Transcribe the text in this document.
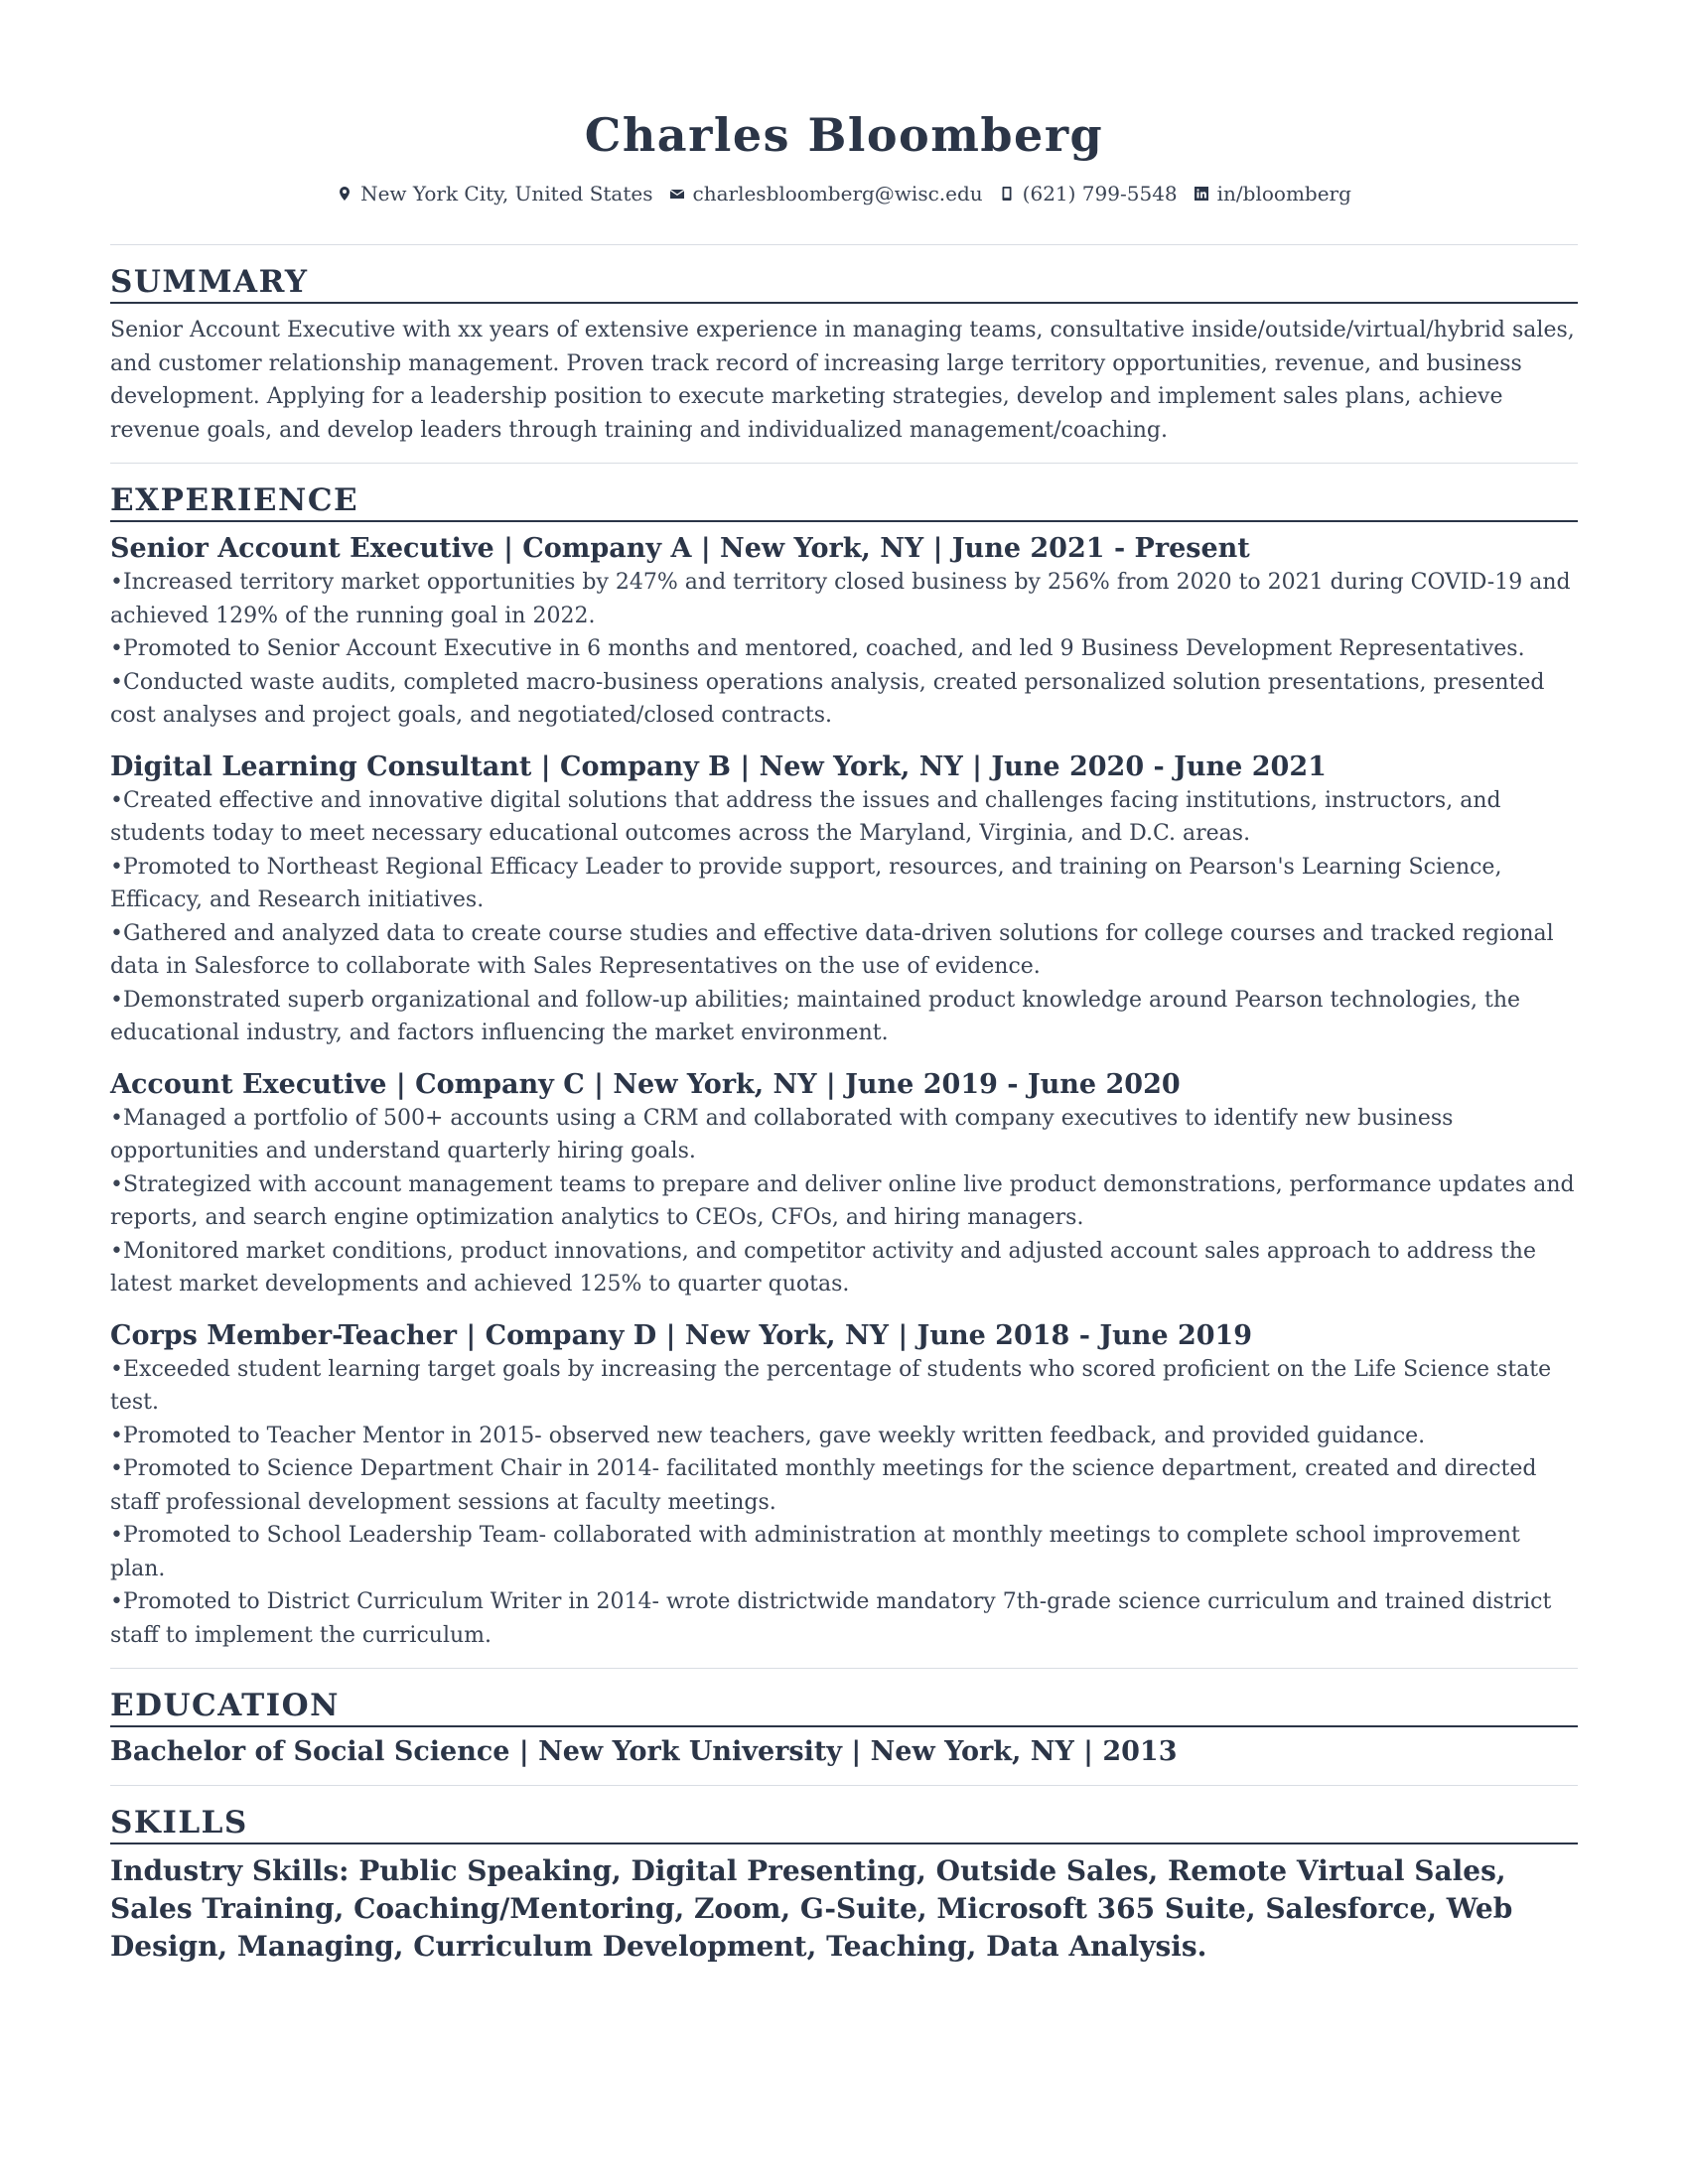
Charles Bloomberg
New York City, United States charlesbloomberg@wisc.edu (621) 799-5548 in/bloomberg
SUMMARY

Senior Account Executive with xx years of extensive experience in managing teams, consultative inside/outside/virtual/hybrid sales, and customer relationship management. Proven track record of increasing large territory opportunities, revenue, and business development. Applying for a leadership position to execute marketing strategies, develop and implement sales plans, achieve revenue goals, and develop leaders through training and individualized management/coaching.

EXPERIENCE
Senior Account Executive | Company A | New York, NY | June 2021 - Present
• Increased territory market opportunities by 247% and territory closed business by 256% from 2020 to 2021 during COVID-19 and achieved 129% of the running goal in 2022.
• Promoted to Senior Account Executive in 6 months and mentored, coached, and led 9 Business Development Representatives.
• Conducted waste audits, completed macro-business operations analysis, created personalized solution presentations, presented cost analyses and project goals, and negotiated/closed contracts.
Digital Learning Consultant | Company B | New York, NY | June 2020 - June 2021
• Created effective and innovative digital solutions that address the issues and challenges facing institutions, instructors, and students today to meet necessary educational outcomes across the Maryland, Virginia, and D.C. areas.
• Promoted to Northeast Regional Efficacy Leader to provide support, resources, and training on Pearson's Learning Science, Efficacy, and Research initiatives.
• Gathered and analyzed data to create course studies and effective data-driven solutions for college courses and tracked regional data in Salesforce to collaborate with Sales Representatives on the use of evidence.
• Demonstrated superb organizational and follow-up abilities; maintained product knowledge around Pearson technologies, the educational industry, and factors influencing the market environment.
Account Executive | Company C | New York, NY | June 2019 - June 2020
• Managed a portfolio of 500+ accounts using a CRM and collaborated with company executives to identify new business opportunities and understand quarterly hiring goals.
• Strategized with account management teams to prepare and deliver online live product demonstrations, performance updates and reports, and search engine optimization analytics to CEOs, CFOs, and hiring managers.
• Monitored market conditions, product innovations, and competitor activity and adjusted account sales approach to address the latest market developments and achieved 125% to quarter quotas.
Corps Member-Teacher | Company D | New York, NY | June 2018 - June 2019
• Exceeded student learning target goals by increasing the percentage of students who scored proficient on the Life Science state test.
• Promoted to Teacher Mentor in 2015- observed new teachers, gave weekly written feedback, and provided guidance.
• Promoted to Science Department Chair in 2014- facilitated monthly meetings for the science department, created and directed staff professional development sessions at faculty meetings.
• Promoted to School Leadership Team- collaborated with administration at monthly meetings to complete school improvement plan.
• Promoted to District Curriculum Writer in 2014- wrote districtwide mandatory 7th-grade science curriculum and trained district staff to implement the curriculum.
EDUCATION

Bachelor of Social Science | New York University | New York, NY | 2013

SKILLS

Industry Skills: Public Speaking, Digital Presenting, Outside Sales, Remote Virtual Sales, Sales Training, Coaching/Mentoring, Zoom, G-Suite, Microsoft 365 Suite, Salesforce, Web Design, Managing, Curriculum Development, Teaching, Data Analysis.
